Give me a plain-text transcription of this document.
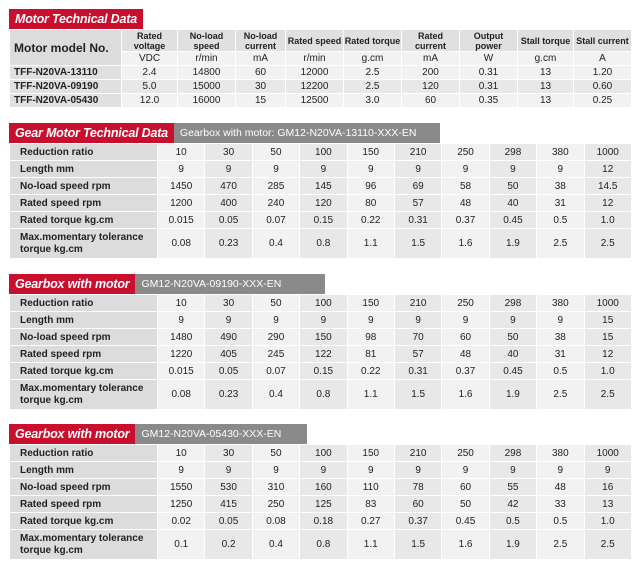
Motor Technical Data
Motor model No.	Rated voltage	No-load speed	No-load current	Rated speed	Rated torque	Rated current	Output power	Stall torque	Stall current
	VDC	r/min	mA	r/min	g.cm	mA	W	g.cm	A
TFF-N20VA-13110	2.4	14800	60	12000	2.5	200	0.31	13	1.20
TFF-N20VA-09190	5.0	15000	30	12200	2.5	120	0.31	13	0.60
TFF-N20VA-05430	12.0	16000	15	12500	3.0	60	0.35	13	0.25
Gear Motor Technical Data	Gearbox with motor: GM12-N20VA-13110-XXX-EN
Reduction ratio	10	30	50	100	150	210	250	298	380	1000
Length mm	9	9	9	9	9	9	9	9	9	12
No-load speed rpm	1450	470	285	145	96	69	58	50	38	14.5
Rated speed rpm	1200	400	240	120	80	57	48	40	31	12
Rated torque kg.cm	0.015	0.05	0.07	0.15	0.22	0.31	0.37	0.45	0.5	1.0
Max.momentary tolerance torque kg.cm	0.08	0.23	0.4	0.8	1.1	1.5	1.6	1.9	2.5	2.5
Gearbox with motor	GM12-N20VA-09190-XXX-EN
Reduction ratio	10	30	50	100	150	210	250	298	380	1000
Length mm	9	9	9	9	9	9	9	9	9	15
No-load speed rpm	1480	490	290	150	98	70	60	50	38	15
Rated speed rpm	1220	405	245	122	81	57	48	40	31	12
Rated torque kg.cm	0.015	0.05	0.07	0.15	0.22	0.31	0.37	0.45	0.5	1.0
Max.momentary tolerance torque kg.cm	0.08	0.23	0.4	0.8	1.1	1.5	1.6	1.9	2.5	2.5
Gearbox with motor	GM12-N20VA-05430-XXX-EN
Reduction ratio	10	30	50	100	150	210	250	298	380	1000
Length mm	9	9	9	9	9	9	9	9	9	9
No-load speed rpm	1550	530	310	160	110	78	60	55	48	16
Rated speed rpm	1250	415	250	125	83	60	50	42	33	13
Rated torque kg.cm	0.02	0.05	0.08	0.18	0.27	0.37	0.45	0.5	0.5	1.0
Max.momentary tolerance torque kg.cm	0.1	0.2	0.4	0.8	1.1	1.5	1.6	1.9	2.5	2.5
